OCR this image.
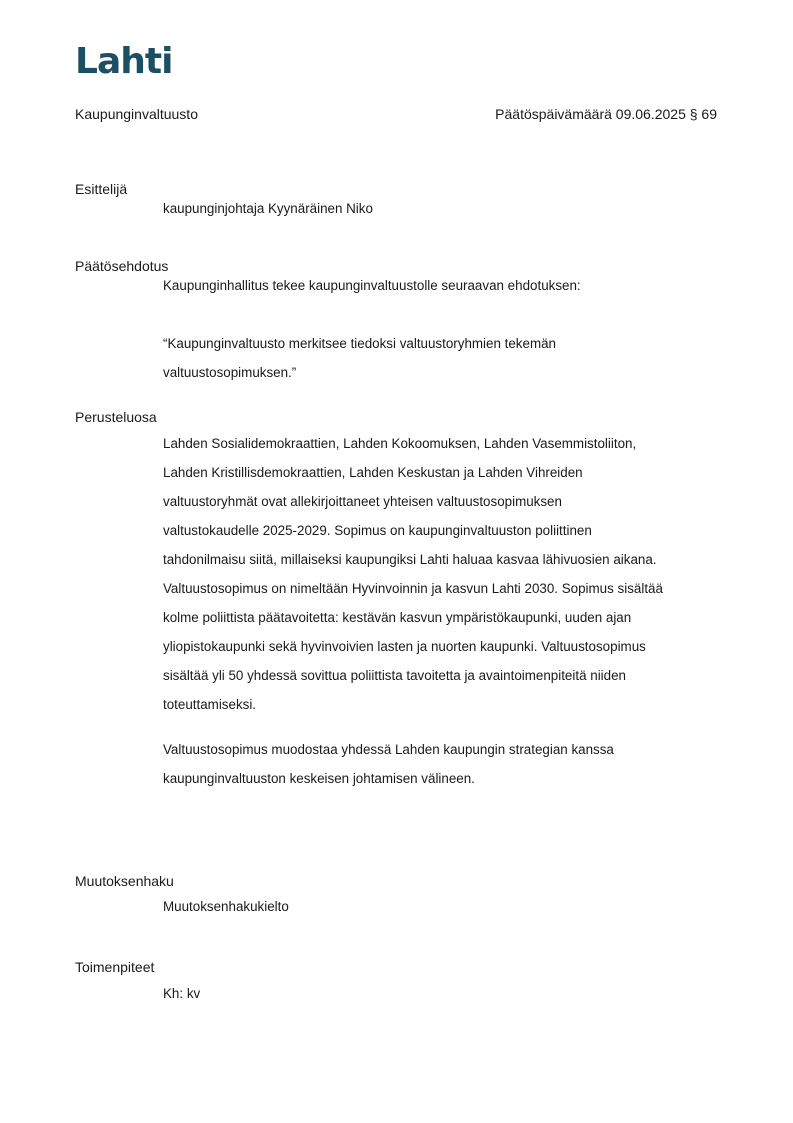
Lahti
Kaupunginvaltuusto	Päätöspäivämäärä 09.06.2025 § 69
Esittelijä
kaupunginjohtaja Kyynäräinen Niko
Päätösehdotus
Kaupunginhallitus tekee kaupunginvaltuustolle seuraavan ehdotuksen:

“Kaupunginvaltuusto merkitsee tiedoksi valtuustoryhmien tekemän

valtuustosopimuksen.”

Perusteluosa

Lahden Sosialidemokraattien, Lahden Kokoomuksen, Lahden Vasemmistoliiton,

Lahden Kristillisdemokraattien, Lahden Keskustan ja Lahden Vihreiden

valtuustoryhmät ovat allekirjoittaneet yhteisen valtuustosopimuksen

valtustokaudelle 2025-2029. Sopimus on kaupunginvaltuuston poliittinen

tahdonilmaisu siitä, millaiseksi kaupungiksi Lahti haluaa kasvaa lähivuosien aikana.

Valtuustosopimus on nimeltään Hyvinvoinnin ja kasvun Lahti 2030. Sopimus sisältää

kolme poliittista päätavoitetta: kestävän kasvun ympäristökaupunki, uuden ajan

yliopistokaupunki sekä hyvinvoivien lasten ja nuorten kaupunki. Valtuustosopimus

sisältää yli 50 yhdessä sovittua poliittista tavoitetta ja avaintoimenpiteitä niiden

toteuttamiseksi.

Valtuustosopimus muodostaa yhdessä Lahden kaupungin strategian kanssa

kaupunginvaltuuston keskeisen johtamisen välineen.

Muutoksenhaku
Muutoksenhakukielto
Toimenpiteet
Kh: kv
